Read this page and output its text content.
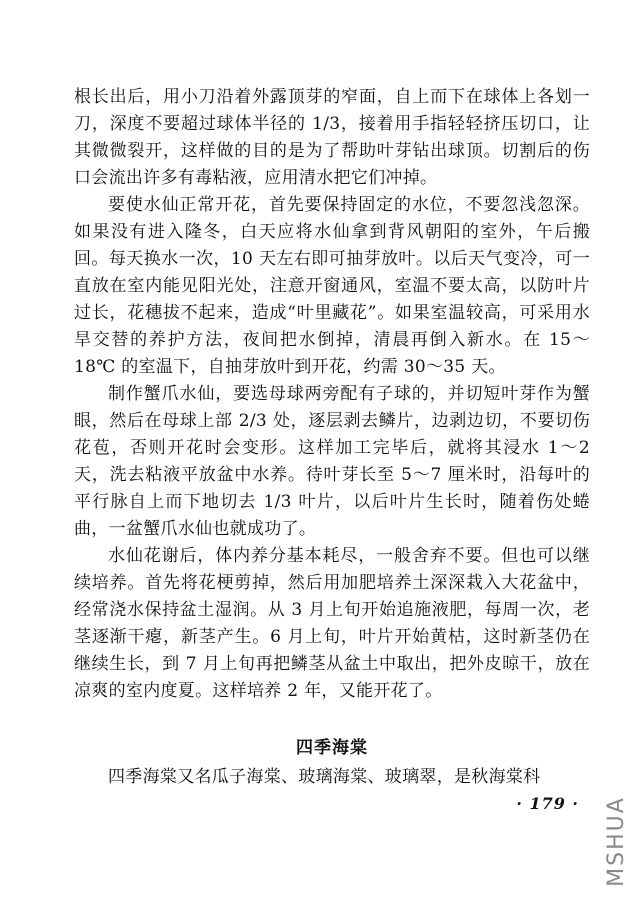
根长出后，用小刀沿着外露顶芽的窄面，自上而下在球体上各划一刀，深度不要超过球体半径的 1/3，接着用手指轻轻挤压切口，让其微微裂开，这样做的目的是为了帮助叶芽钻出球顶。切割后的伤口会流出许多有毒粘液，应用清水把它们冲掉。

要使水仙正常开花，首先要保持固定的水位，不要忽浅忽深。如果没有进入隆冬，白天应将水仙拿到背风朝阳的室外，午后搬回。每天换水一次，10 天左右即可抽芽放叶。以后天气变冷，可一直放在室内能见阳光处，注意开窗通风，室温不要太高，以防叶片过长，花穗拔不起来，造成“叶里藏花”。如果室温较高，可采用水旱交替的养护方法，夜间把水倒掉，清晨再倒入新水。在 15～18℃ 的室温下，自抽芽放叶到开花，约需 30～35 天。

制作蟹爪水仙，要选母球两旁配有子球的，并切短叶芽作为蟹眼，然后在母球上部 2/3 处，逐层剥去鳞片，边剥边切，不要切伤花苞，否则开花时会变形。这样加工完毕后，就将其浸水 1～2 天，洗去粘液平放盆中水养。待叶芽长至 5～7 厘米时，沿每叶的平行脉自上而下地切去 1/3 叶片，以后叶片生长时，随着伤处蜷曲，一盆蟹爪水仙也就成功了。

水仙花谢后，体内养分基本耗尽，一般舍弃不要。但也可以继续培养。首先将花梗剪掉，然后用加肥培养土深深栽入大花盆中，经常浇水保持盆土湿润。从 3 月上旬开始追施液肥，每周一次，老茎逐渐干瘪，新茎产生。6 月上旬，叶片开始黄枯，这时新茎仍在继续生长，到 7 月上旬再把鳞茎从盆土中取出，把外皮晾干，放在凉爽的室内度夏。这样培养 2 年，又能开花了。

四季海棠

四季海棠又名瓜子海棠、玻璃海棠、玻璃翠，是秋海棠科

· 179 · MSHUA
